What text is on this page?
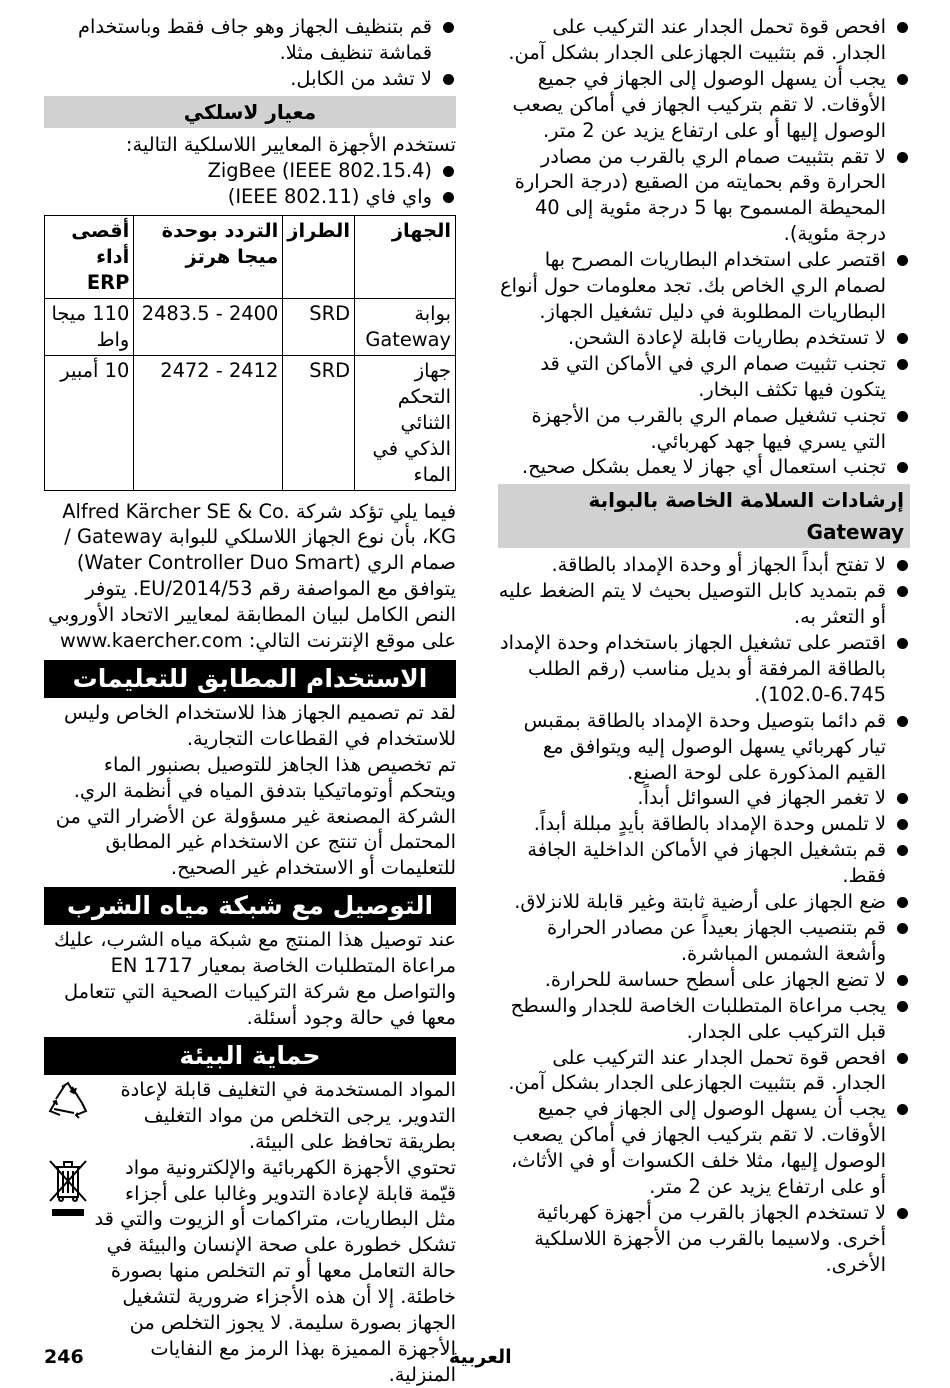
افحص قوة تحمل الجدار عند التركيب على الجدار. قم بتثبيت الجهازعلى الجدار بشكل آمن.
يجب أن يسهل الوصول إلى الجهاز في جميع الأوقات. لا تقم بتركيب الجهاز في أماكن يصعب الوصول إليها أو على ارتفاع يزيد عن 2 متر.
لا تقم بتثبيت صمام الري بالقرب من مصادر الحرارة وقم بحمايته من الصقيع (درجة الحرارة المحيطة المسموح بها 5 درجة مئوية إلى 40 درجة مئوية).
اقتصر على استخدام البطاريات المصرح بها لصمام الري الخاص بك. تجد معلومات حول أنواع البطاريات المطلوبة في دليل تشغيل الجهاز.
لا تستخدم بطاريات قابلة لإعادة الشحن.
تجنب تثبيت صمام الري في الأماكن التي قد يتكون فيها تكثف البخار.
تجنب تشغيل صمام الري بالقرب من الأجهزة التي يسري فيها جهد كهربائي.
تجنب استعمال أي جهاز لا يعمل بشكل صحيح.
إرشادات السلامة الخاصة بالبوابة Gateway
لا تفتح أبداً الجهاز أو وحدة الإمداد بالطاقة.
قم بتمديد كابل التوصيل بحيث لا يتم الضغط عليه أو التعثر به.
اقتصر على تشغيل الجهاز باستخدام وحدة الإمداد بالطاقة المرفقة أو بديل مناسب (رقم الطلب 6.745-102.0).
قم دائما بتوصيل وحدة الإمداد بالطاقة بمقبس تيار كهربائي يسهل الوصول إليه ويتوافق مع القيم المذكورة على لوحة الصنع.
لا تغمر الجهاز في السوائل أبداً.
لا تلمس وحدة الإمداد بالطاقة بأيدٍ مبللة أبداً.
قم بتشغيل الجهاز في الأماكن الداخلية الجافة فقط.
ضع الجهاز على أرضية ثابتة وغير قابلة للانزلاق.
قم بتنصيب الجهاز بعيداً عن مصادر الحرارة وأشعة الشمس المباشرة.
لا تضع الجهاز على أسطح حساسة للحرارة.
يجب مراعاة المتطلبات الخاصة للجدار والسطح قبل التركيب على الجدار.
افحص قوة تحمل الجدار عند التركيب على الجدار. قم بتثبيت الجهازعلى الجدار بشكل آمن.
يجب أن يسهل الوصول إلى الجهاز في جميع الأوقات. لا تقم بتركيب الجهاز في أماكن يصعب الوصول إليها، مثلا خلف الكسوات أو في الأثاث، أو على ارتفاع يزيد عن 2 متر.
لا تستخدم الجهاز بالقرب من أجهزة كهربائية أخرى. ولاسيما بالقرب من الأجهزة اللاسلكية الأخرى.
قم بتنظيف الجهاز وهو جاف فقط وباستخدام قماشة تنظيف مثلا.
لا تشد من الكابل.
معيار لاسلكي

تستخدم الأجهزة المعايير اللاسلكية التالية:

ZigBee (IEEE 802.15.4)
واي فاي (IEEE 802.11)
الجهاز	الطراز	التردد بوحدة ميجا هرتز	أقصى أداء ERP
بوابة Gateway	SRD	2400 - 2483.5	110 ميجا واط
جهاز التحكم الثنائي الذكي في الماء	SRD	2412 - 2472	10 أمبير

فيما يلي تؤكد شركة Alfred Kärcher SE & Co. KG، بأن نوع الجهاز اللاسلكي للبوابة Gateway / صمام الري (Water Controller Duo Smart) يتوافق مع المواصفة رقم EU/2014/53. يتوفر النص الكامل لبيان المطابقة لمعايير الاتحاد الأوروبي على موقع الإنترنت التالي: www.kaercher.com

الاستخدام المطابق للتعليمات

لقد تم تصميم الجهاز هذا للاستخدام الخاص وليس للاستخدام في القطاعات التجارية.

تم تخصيص هذا الجاهز للتوصيل بصنبور الماء ويتحكم أوتوماتيكيا بتدفق المياه في أنظمة الري.

الشركة المصنعة غير مسؤولة عن الأضرار التي من المحتمل أن تنتج عن الاستخدام غير المطابق للتعليمات أو الاستخدام غير الصحيح.

التوصيل مع شبكة مياه الشرب

عند توصيل هذا المنتج مع شبكة مياه الشرب، عليك مراعاة المتطلبات الخاصة بمعيار EN 1717 والتواصل مع شركة التركيبات الصحية التي تتعامل معها في حالة وجود أسئلة.

حماية البيئة

المواد المستخدمة في التغليف قابلة لإعادة التدوير. يرجى التخلص من مواد التغليف بطريقة تحافظ على البيئة.

تحتوي الأجهزة الكهربائية والإلكترونية مواد قيّمة قابلة لإعادة التدوير وغالبا على أجزاء مثل البطاريات، متراكمات أو الزيوت والتي قد تشكل خطورة على صحة الإنسان والبيئة في حالة التعامل معها أو تم التخلص منها بصورة خاطئة. إلا أن هذه الأجزاء ضرورية لتشغيل الجهاز بصورة سليمة. لا يجوز التخلص من الأجهزة المميزة بهذا الرمز مع النفايات المنزلية.

246	العربية
